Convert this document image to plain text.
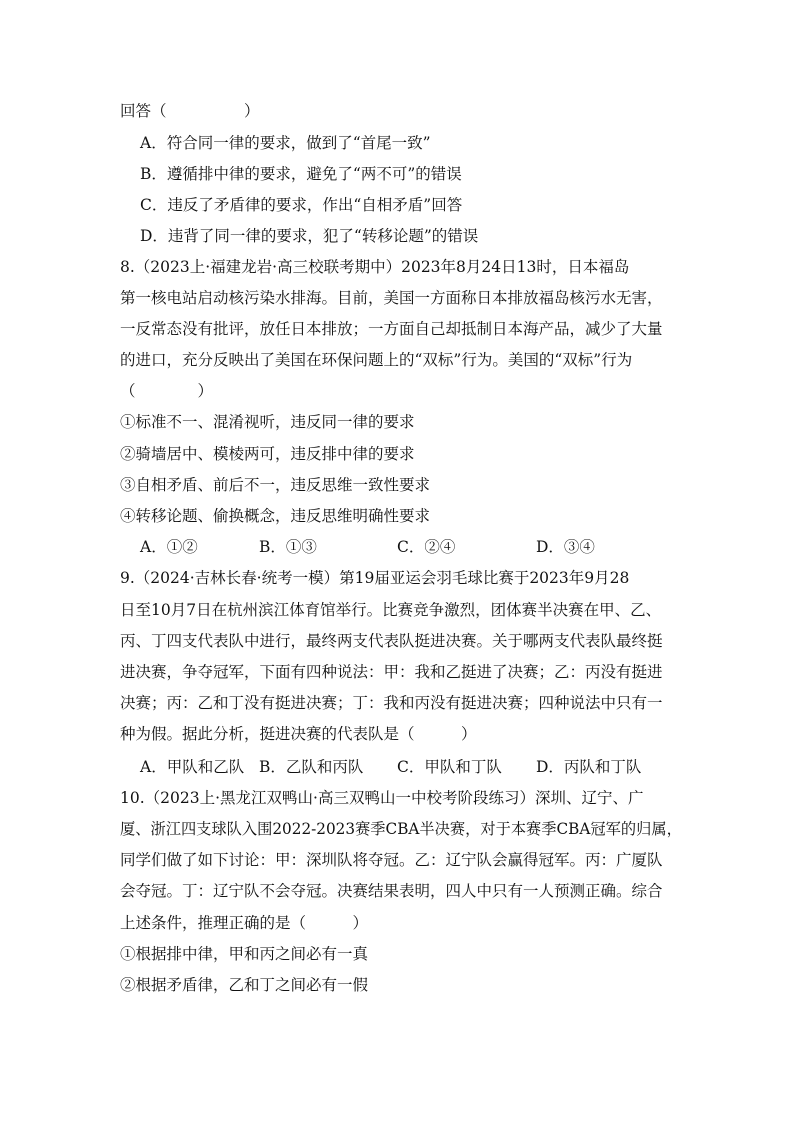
回答（　　　　　）
A．符合同一律的要求，做到了“首尾一致”
B．遵循排中律的要求，避免了“两不可”的错误
C．违反了矛盾律的要求，作出“自相矛盾”回答
D．违背了同一律的要求，犯了“转移论题”的错误
8.（2023上·福建龙岩·高三校联考期中）2023年8月24日13时，日本福岛
第一核电站启动核污染水排海。目前，美国一方面称日本排放福岛核污水无害，
一反常态没有批评，放任日本排放；一方面自己却抵制日本海产品，减少了大量
的进口，充分反映出了美国在环保问题上的“双标”行为。美国的“双标”行为
（　　　　）
①标准不一、混淆视听，违反同一律的要求
②骑墙居中、模棱两可，违反排中律的要求
③自相矛盾、前后不一，违反思维一致性要求
④转移论题、偷换概念，违反思维明确性要求
A．①②	B．①③	C．②④	D．③④
9.（2024·吉林长春·统考一模）第19届亚运会羽毛球比赛于2023年9月28
日至10月7日在杭州滨江体育馆举行。比赛竞争激烈，团体赛半决赛在甲、乙、
丙、丁四支代表队中进行，最终两支代表队挺进决赛。关于哪两支代表队最终挺
进决赛，争夺冠军，下面有四种说法：甲：我和乙挺进了决赛；乙：丙没有挺进
决赛；丙：乙和丁没有挺进决赛；丁：我和丙没有挺进决赛；四种说法中只有一
种为假。据此分析，挺进决赛的代表队是（　　　）
A．甲队和乙队 B．乙队和丙队 C．甲队和丁队 D．丙队和丁队
10.（2023上·黑龙江双鸭山·高三双鸭山一中校考阶段练习）深圳、辽宁、广
厦、浙江四支球队入围2022-2023赛季CBA半决赛，对于本赛季CBA冠军的归属，
同学们做了如下讨论：甲：深圳队将夺冠。乙：辽宁队会赢得冠军。丙：广厦队
会夺冠。丁：辽宁队不会夺冠。决赛结果表明，四人中只有一人预测正确。综合
上述条件，推理正确的是（　　　）
①根据排中律，甲和丙之间必有一真
②根据矛盾律，乙和丁之间必有一假
